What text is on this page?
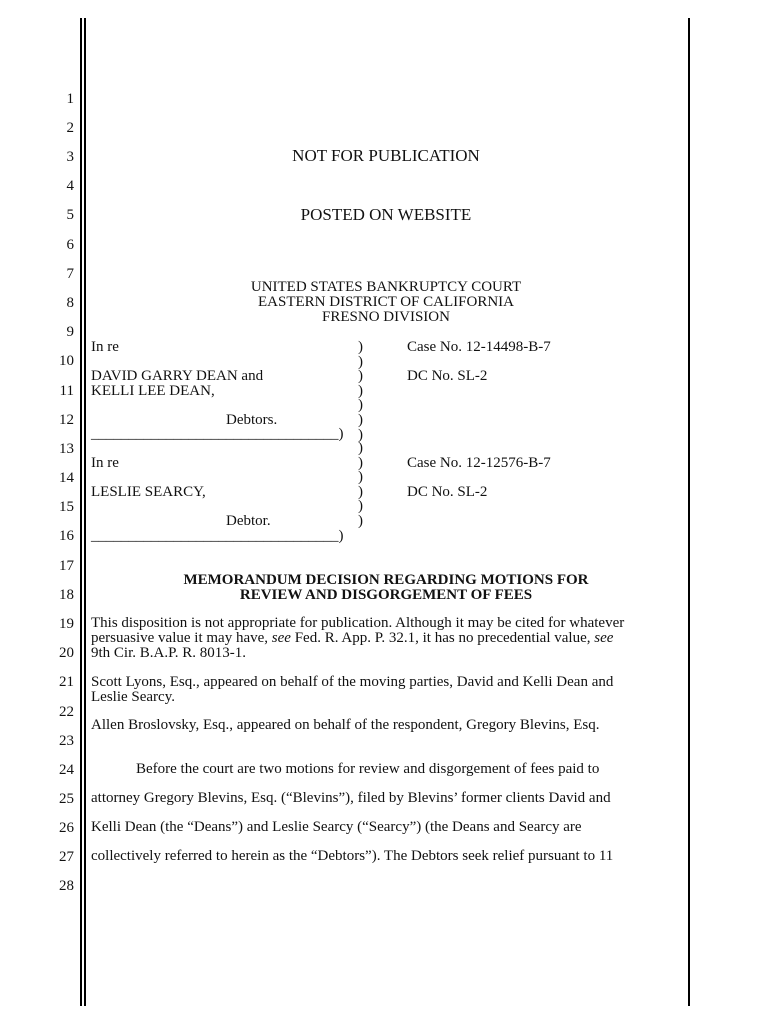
1
2
3
4
5
6
7
8
9
10
11
12
13
14
15
16
17
18
19
20
21
22
23
24
25
26
27
28
NOT FOR PUBLICATION
POSTED ON WEBSITE
UNITED STATES BANKRUPTCY COURT
EASTERN DISTRICT OF CALIFORNIA
FRESNO DIVISION
In re
DAVID GARRY DEAN and
KELLI LEE DEAN,
Debtors.
_________________________________)
)
)
)
)
)
)
)
Case No. 12-14498-B-7
DC No. SL-2
In re
LESLIE SEARCY,
Debtor.
_________________________________)
)
)
)
)
)
)
Case No. 12-12576-B-7
DC No. SL-2
MEMORANDUM DECISION REGARDING MOTIONS FOR
REVIEW AND DISGORGEMENT OF FEES
This disposition is not appropriate for publication. Although it may be cited for whatever
persuasive value it may have, see Fed. R. App. P. 32.1, it has no precedential value, see
9th Cir. B.A.P. R. 8013-1.
Scott Lyons, Esq., appeared on behalf of the moving parties, David and Kelli Dean and
Leslie Searcy.
Allen Broslovsky, Esq., appeared on behalf of the respondent, Gregory Blevins, Esq.
Before the court are two motions for review and disgorgement of fees paid to
attorney Gregory Blevins, Esq. (“Blevins”), filed by Blevins’ former clients David and
Kelli Dean (the “Deans”) and Leslie Searcy (“Searcy”) (the Deans and Searcy are
collectively referred to herein as the “Debtors”). The Debtors seek relief pursuant to 11
